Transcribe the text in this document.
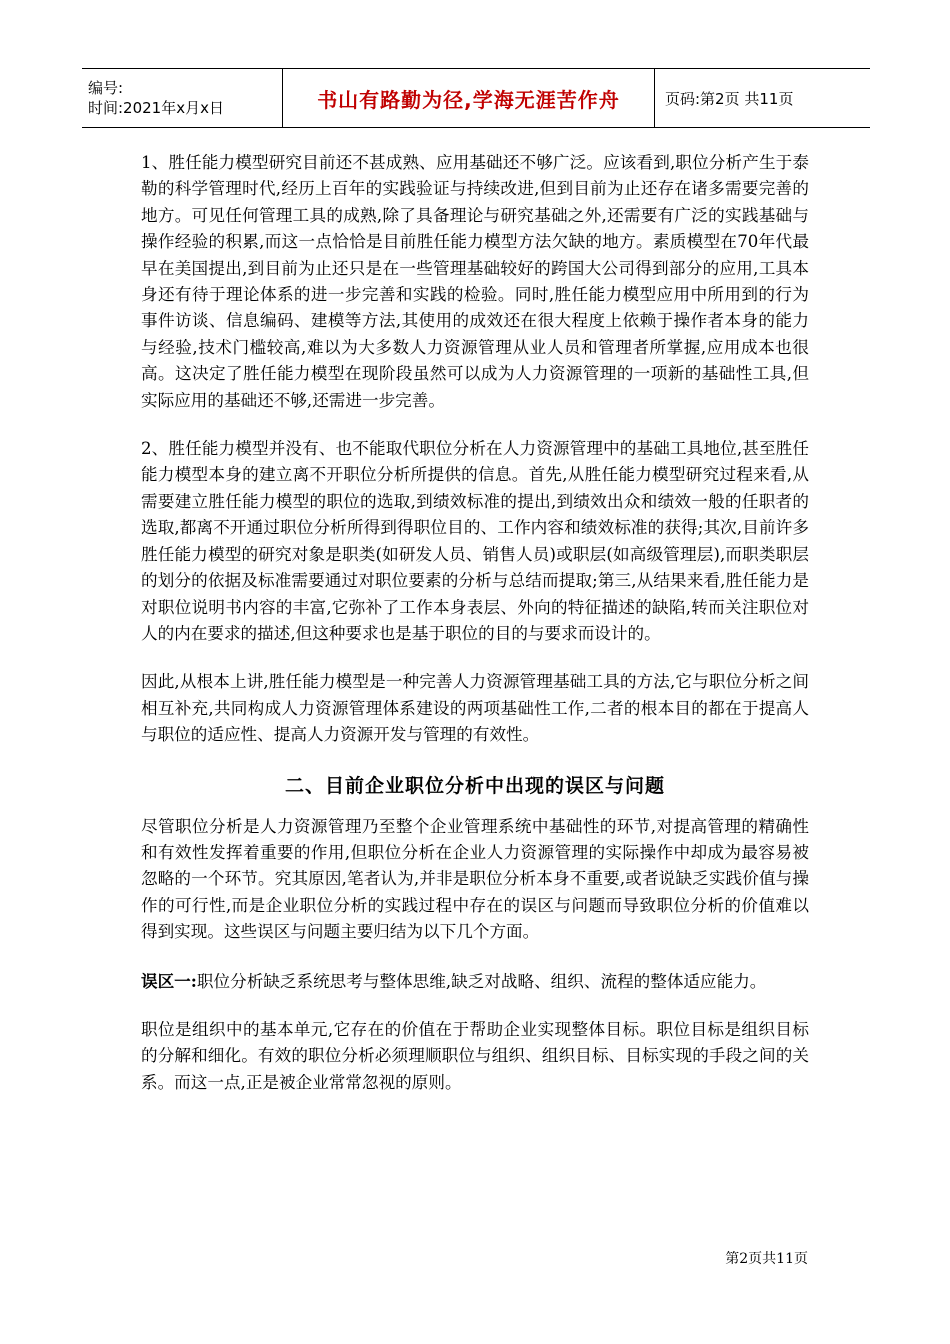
编号:
时间:2021年x月x日	书山有路勤为径,学海无涯苦作舟	页码:第2页 共11页

1、胜任能力模型研究目前还不甚成熟、应用基础还不够广泛。应该看到,职位分析产生于泰勒的科学管理时代,经历上百年的实践验证与持续改进,但到目前为止还存在诸多需要完善的地方。可见任何管理工具的成熟,除了具备理论与研究基础之外,还需要有广泛的实践基础与操作经验的积累,而这一点恰恰是目前胜任能力模型方法欠缺的地方。素质模型在70年代最早在美国提出,到目前为止还只是在一些管理基础较好的跨国大公司得到部分的应用,工具本身还有待于理论体系的进一步完善和实践的检验。同时,胜任能力模型应用中所用到的行为事件访谈、信息编码、建模等方法,其使用的成效还在很大程度上依赖于操作者本身的能力与经验,技术门槛较高,难以为大多数人力资源管理从业人员和管理者所掌握,应用成本也很高。这决定了胜任能力模型在现阶段虽然可以成为人力资源管理的一项新的基础性工具,但实际应用的基础还不够,还需进一步完善。

2、胜任能力模型并没有、也不能取代职位分析在人力资源管理中的基础工具地位,甚至胜任能力模型本身的建立离不开职位分析所提供的信息。首先,从胜任能力模型研究过程来看,从需要建立胜任能力模型的职位的选取,到绩效标准的提出,到绩效出众和绩效一般的任职者的选取,都离不开通过职位分析所得到得职位目的、工作内容和绩效标准的获得;其次,目前许多胜任能力模型的研究对象是职类(如研发人员、销售人员)或职层(如高级管理层),而职类职层的划分的依据及标准需要通过对职位要素的分析与总结而提取;第三,从结果来看,胜任能力是对职位说明书内容的丰富,它弥补了工作本身表层、外向的特征描述的缺陷,转而关注职位对人的内在要求的描述,但这种要求也是基于职位的目的与要求而设计的。

因此,从根本上讲,胜任能力模型是一种完善人力资源管理基础工具的方法,它与职位分析之间相互补充,共同构成人力资源管理体系建设的两项基础性工作,二者的根本目的都在于提高人与职位的适应性、提高人力资源开发与管理的有效性。

二、目前企业职位分析中出现的误区与问题

尽管职位分析是人力资源管理乃至整个企业管理系统中基础性的环节,对提高管理的精确性和有效性发挥着重要的作用,但职位分析在企业人力资源管理的实际操作中却成为最容易被忽略的一个环节。究其原因,笔者认为,并非是职位分析本身不重要,或者说缺乏实践价值与操作的可行性,而是企业职位分析的实践过程中存在的误区与问题而导致职位分析的价值难以得到实现。这些误区与问题主要归结为以下几个方面。

误区一:职位分析缺乏系统思考与整体思维,缺乏对战略、组织、流程的整体适应能力。

职位是组织中的基本单元,它存在的价值在于帮助企业实现整体目标。职位目标是组织目标的分解和细化。有效的职位分析必须理顺职位与组织、组织目标、目标实现的手段之间的关系。而这一点,正是被企业常常忽视的原则。

第2页共11页
